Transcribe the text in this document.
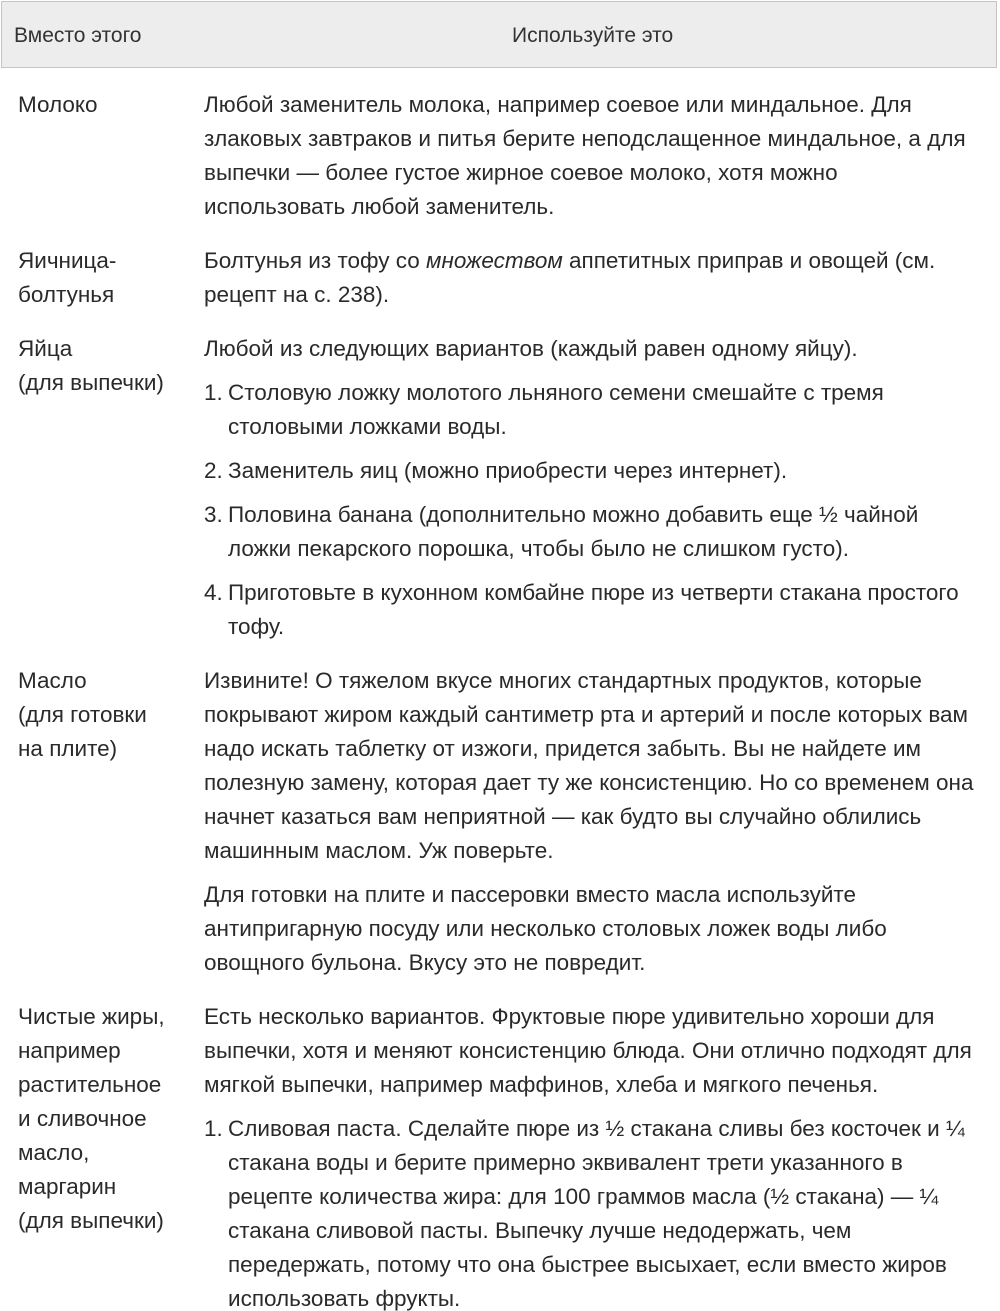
Вместо этого	Используйте это
Молоко	Любой заменитель молока, например соевое или миндальное. Для злаковых завтраков и питья берите неподслащенное миндальное, а для выпечки — более густое жирное соевое молоко, хотя можно использовать любой заменитель.

Яичница-
болтунья

Болтунья из тофу со множеством аппетитных приправ и овощей (см. рецепт на с. 238).

Яйца
(для выпечки)

Любой из следующих вариантов (каждый равен одному яйцу).

1. Столовую ложку молотого льняного семени смешайте с тремя столовыми ложками воды.
2. Заменитель яиц (можно приобрести через интернет).
3. Половина банана (дополнительно можно добавить еще ½ чайной ложки пекарского порошка, чтобы было не слишком густо).
4. Приготовьте в кухонном комбайне пюре из четверти стакана простого тофу.
Масло
(для готовки
на плите)

Извините! О тяжелом вкусе многих стандартных продуктов, которые покрывают жиром каждый сантиметр рта и артерий и после которых вам надо искать таблетку от изжоги, придется забыть. Вы не найдете им полезную замену, которая дает ту же консистенцию. Но со временем она начнет казаться вам неприятной — как будто вы случайно облились машинным маслом. Уж поверьте.

Для готовки на плите и пассеровки вместо масла используйте антипригарную посуду или несколько столовых ложек воды либо овощного бульона. Вкусу это не повредит.

Чистые жиры,
например
растительное
и сливочное
масло,
маргарин
(для выпечки)

Есть несколько вариантов. Фруктовые пюре удивительно хороши для выпечки, хотя и меняют консистенцию блюда. Они отлично подходят для мягкой выпечки, например маффинов, хлеба и мягкого печенья.

1. Сливовая паста. Сделайте пюре из ½ стакана сливы без косточек и ¼ стакана воды и берите примерно эквивалент трети указанного в рецепте количества жира: для 100 граммов масла (½ стакана) — ¼ стакана сливовой пасты. Выпечку лучше недодержать, чем передержать, потому что она быстрее высыхает, если вместо жиров использовать фрукты.
